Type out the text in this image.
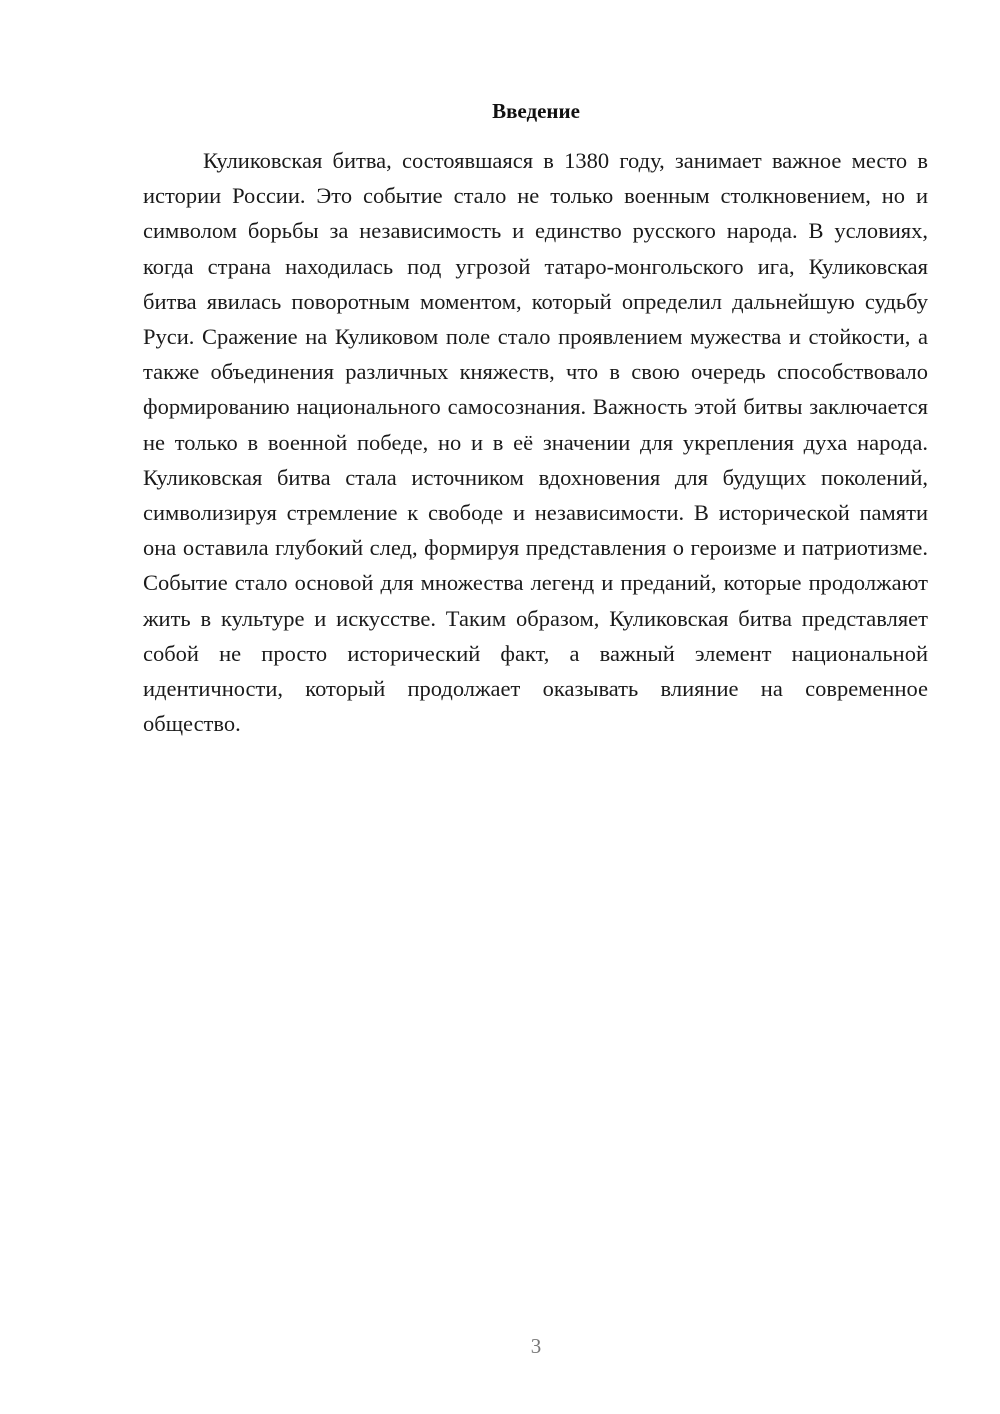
Введение

Куликовская битва, состоявшаяся в 1380 году, занимает важное место в истории России. Это событие стало не только военным столкновением, но и символом борьбы за независимость и единство русского народа. В условиях, когда страна находилась под угрозой татаро-монгольского ига, Куликовская битва явилась поворотным моментом, который определил дальнейшую судьбу Руси. Сражение на Куликовом поле стало проявлением мужества и стойкости, а также объединения различных княжеств, что в свою очередь способствовало формированию национального самосознания. Важность этой битвы заключается не только в военной победе, но и в её значении для укрепления духа народа. Куликовская битва стала источником вдохновения для будущих поколений, символизируя стремление к свободе и независимости. В исторической памяти она оставила глубокий след, формируя представления о героизме и патриотизме. Событие стало основой для множества легенд и преданий, которые продолжают жить в культуре и искусстве. Таким образом, Куликовская битва представляет собой не просто исторический факт, а важный элемент национальной идентичности, который продолжает оказывать влияние на современное общество.

3
